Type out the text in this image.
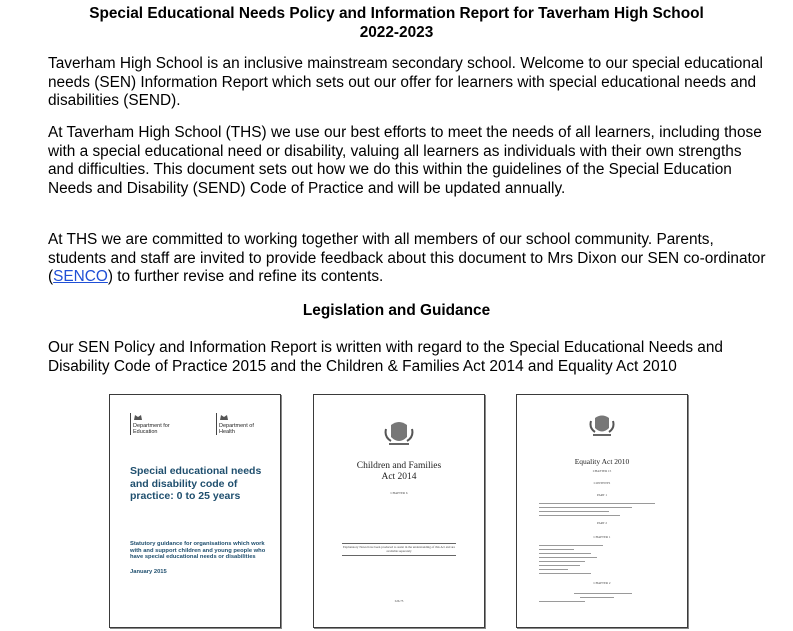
Special Educational Needs Policy and Information Report for Taverham High School
2022-2023

Taverham High School is an inclusive mainstream secondary school. Welcome to our special educational needs (SEN) Information Report which sets out our offer for learners with special educational needs and disabilities (SEND).

At Taverham High School (THS) we use our best efforts to meet the needs of all learners, including those with a special educational need or disability, valuing all learners as individuals with their own strengths and difficulties. This document sets out how we do this within the guidelines of the Special Education Needs and Disability (SEND) Code of Practice and will be updated annually.

At THS we are committed to working together with all members of our school community. Parents, students and staff are invited to provide feedback about this document to Mrs Dixon our SEN co-ordinator (SENCO) to further revise and refine its contents.

Legislation and Guidance

Our SEN Policy and Information Report is written with regard to the Special Educational Needs and Disability Code of Practice 2015 and the Children & Families Act 2014 and Equality Act 2010

Department for Education
Department of Health
Special educational needs and disability code of practice: 0 to 25 years
Statutory guidance for organisations which work with and support children and young people who have special educational needs or disabilities
January 2015
Children and Families
Act 2014
CHAPTER 6
Explanatory Notes have been produced to assist in the understanding of this Act and are available separately
£26.75
Equality Act 2010
CHAPTER 15
CONTENTS
PART 1
PART 2
CHAPTER 1
CHAPTER 2
